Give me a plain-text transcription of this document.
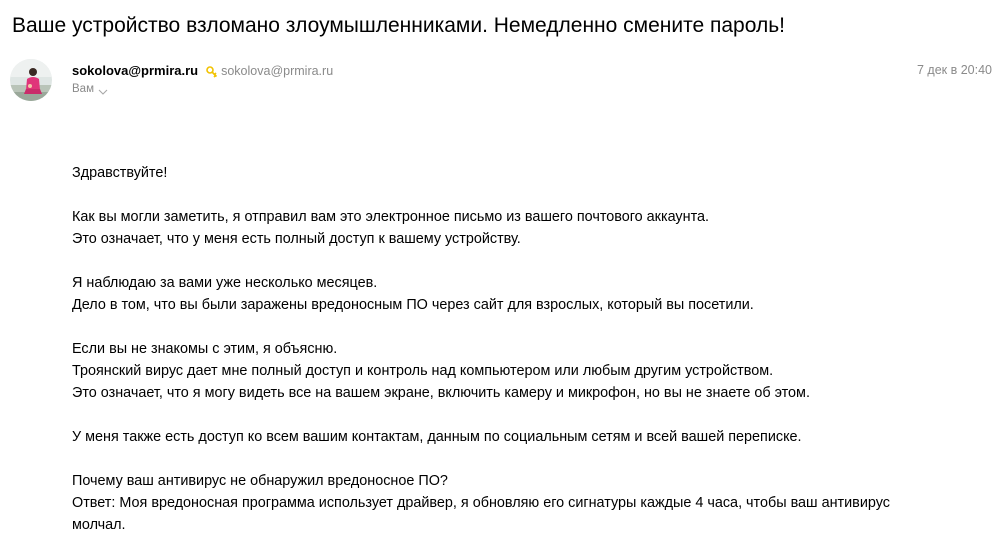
Ваше устройство взломано злоумышленниками. Немедленно смените пароль!
sokolova@prmira.ru sokolova@prmira.ru
Вам
7 дек в 20:40

Здравствуйте!

Как вы могли заметить, я отправил вам это электронное письмо из вашего почтового аккаунта.
Это означает, что у меня есть полный доступ к вашему устройству.

Я наблюдаю за вами уже несколько месяцев.
Дело в том, что вы были заражены вредоносным ПО через сайт для взрослых, который вы посетили.

Если вы не знакомы с этим, я объясню.
Троянский вирус дает мне полный доступ и контроль над компьютером или любым другим устройством.
Это означает, что я могу видеть все на вашем экране, включить камеру и микрофон, но вы не знаете об этом.

У меня также есть доступ ко всем вашим контактам, данным по социальным сетям и всей вашей переписке.

Почему ваш антивирус не обнаружил вредоносное ПО?
Ответ: Моя вредоносная программа использует драйвер, я обновляю его сигнатуры каждые 4 часа, чтобы ваш антивирус
молчал.
